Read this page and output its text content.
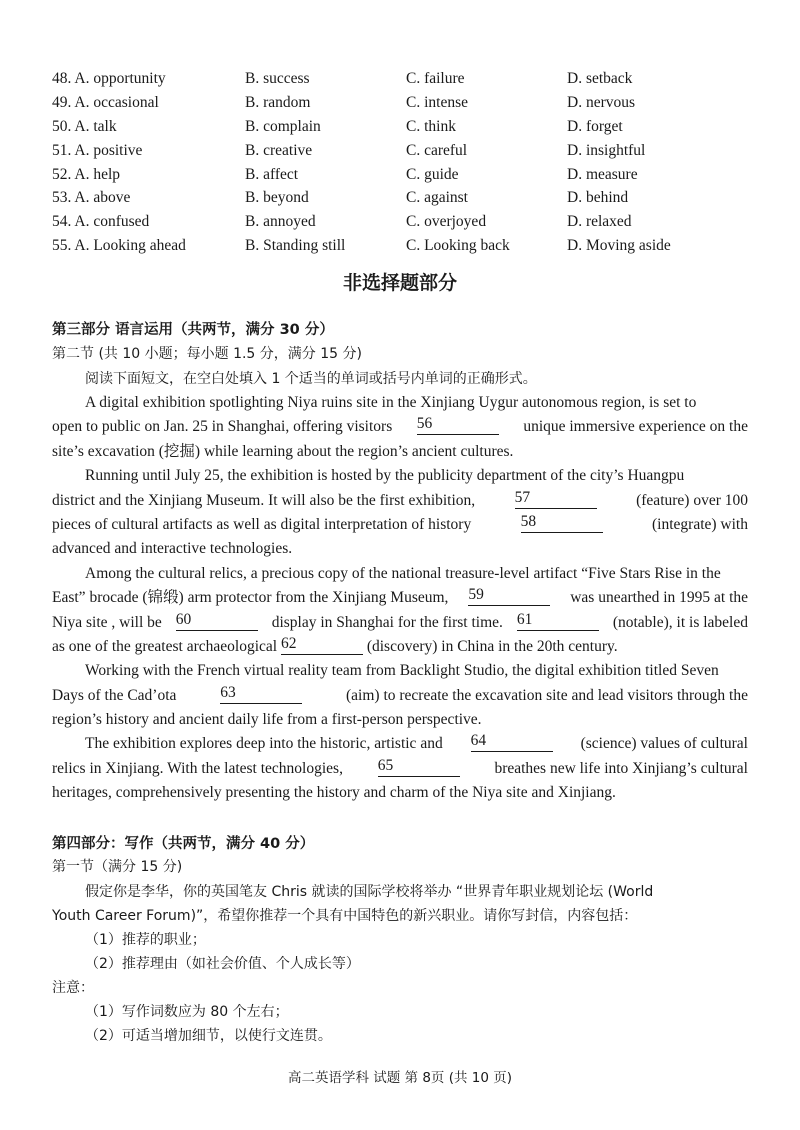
48. A. opportunity	B. success	C. failure	D. setback
49. A. occasional	B. random	C. intense	D. nervous
50. A. talk	B. complain	C. think	D. forget
51. A. positive	B. creative	C. careful	D. insightful
52. A. help	B. affect	C. guide	D. measure
53. A. above	B. beyond	C. against	D. behind
54. A. confused	B. annoyed	C. overjoyed	D. relaxed
55. A. Looking ahead	B. Standing still	C. Looking back	D. Moving aside
非选择题部分
第三部分 语言运用（共两节，满分 30 分）
第二节 (共 10 小题；每小题 1.5 分，满分 15 分)
阅读下面短文，在空白处填入 1 个适当的单词或括号内单词的正确形式。
A digital exhibition spotlighting Niya ruins site in the Xinjiang Uygur autonomous region, is set to
open to public on Jan. 25 in Shanghai, offering visitors 56	unique immersive experience on the
site’s excavation (挖掘) while learning about the region’s ancient cultures.
Running until July 25, the exhibition is hosted by the publicity department of the city’s Huangpu
district and the Xinjiang Museum. It will also be the first exhibition,	57	(feature) over 100
pieces of cultural artifacts as well as digital interpretation of history	58	(integrate) with
advanced and interactive technologies.
Among the cultural relics, a precious copy of the national treasure-level artifact “Five Stars Rise in the
East” brocade (锦缎) arm protector from the Xinjiang Museum, 59	was unearthed in 1995 at the
Niya site , will be 60	display in Shanghai for the first time. 61	(notable), it is labeled
as one of the greatest archaeological
62
	(discovery) in China in the 20th century.
Working with the French virtual reality team from Backlight Studio, the digital exhibition titled Seven
Days of the Cad’ota	63	(aim) to recreate the excavation site and lead visitors through the
region’s history and ancient daily life from a first-person perspective.
The exhibition explores deep into the historic, artistic and 64	(science) values of cultural
relics in Xinjiang. With the latest technologies, 65	breathes new life into Xinjiang’s cultural
heritages, comprehensively presenting the history and charm of the Niya site and Xinjiang.
第四部分：写作（共两节，满分 40 分）
第一节（满分 15 分)
假定你是李华，你的英国笔友 Chris 就读的国际学校将举办 “世界青年职业规划论坛 (World
Youth Career Forum)”，希望你推荐一个具有中国特色的新兴职业。请你写封信，内容包括：
（1）推荐的职业；
（2）推荐理由（如社会价值、个人成长等）
注意：
（1）写作词数应为 80 个左右；
（2）可适当增加细节，以使行文连贯。
高二英语学科 试题 第 8页 (共 10 页)
